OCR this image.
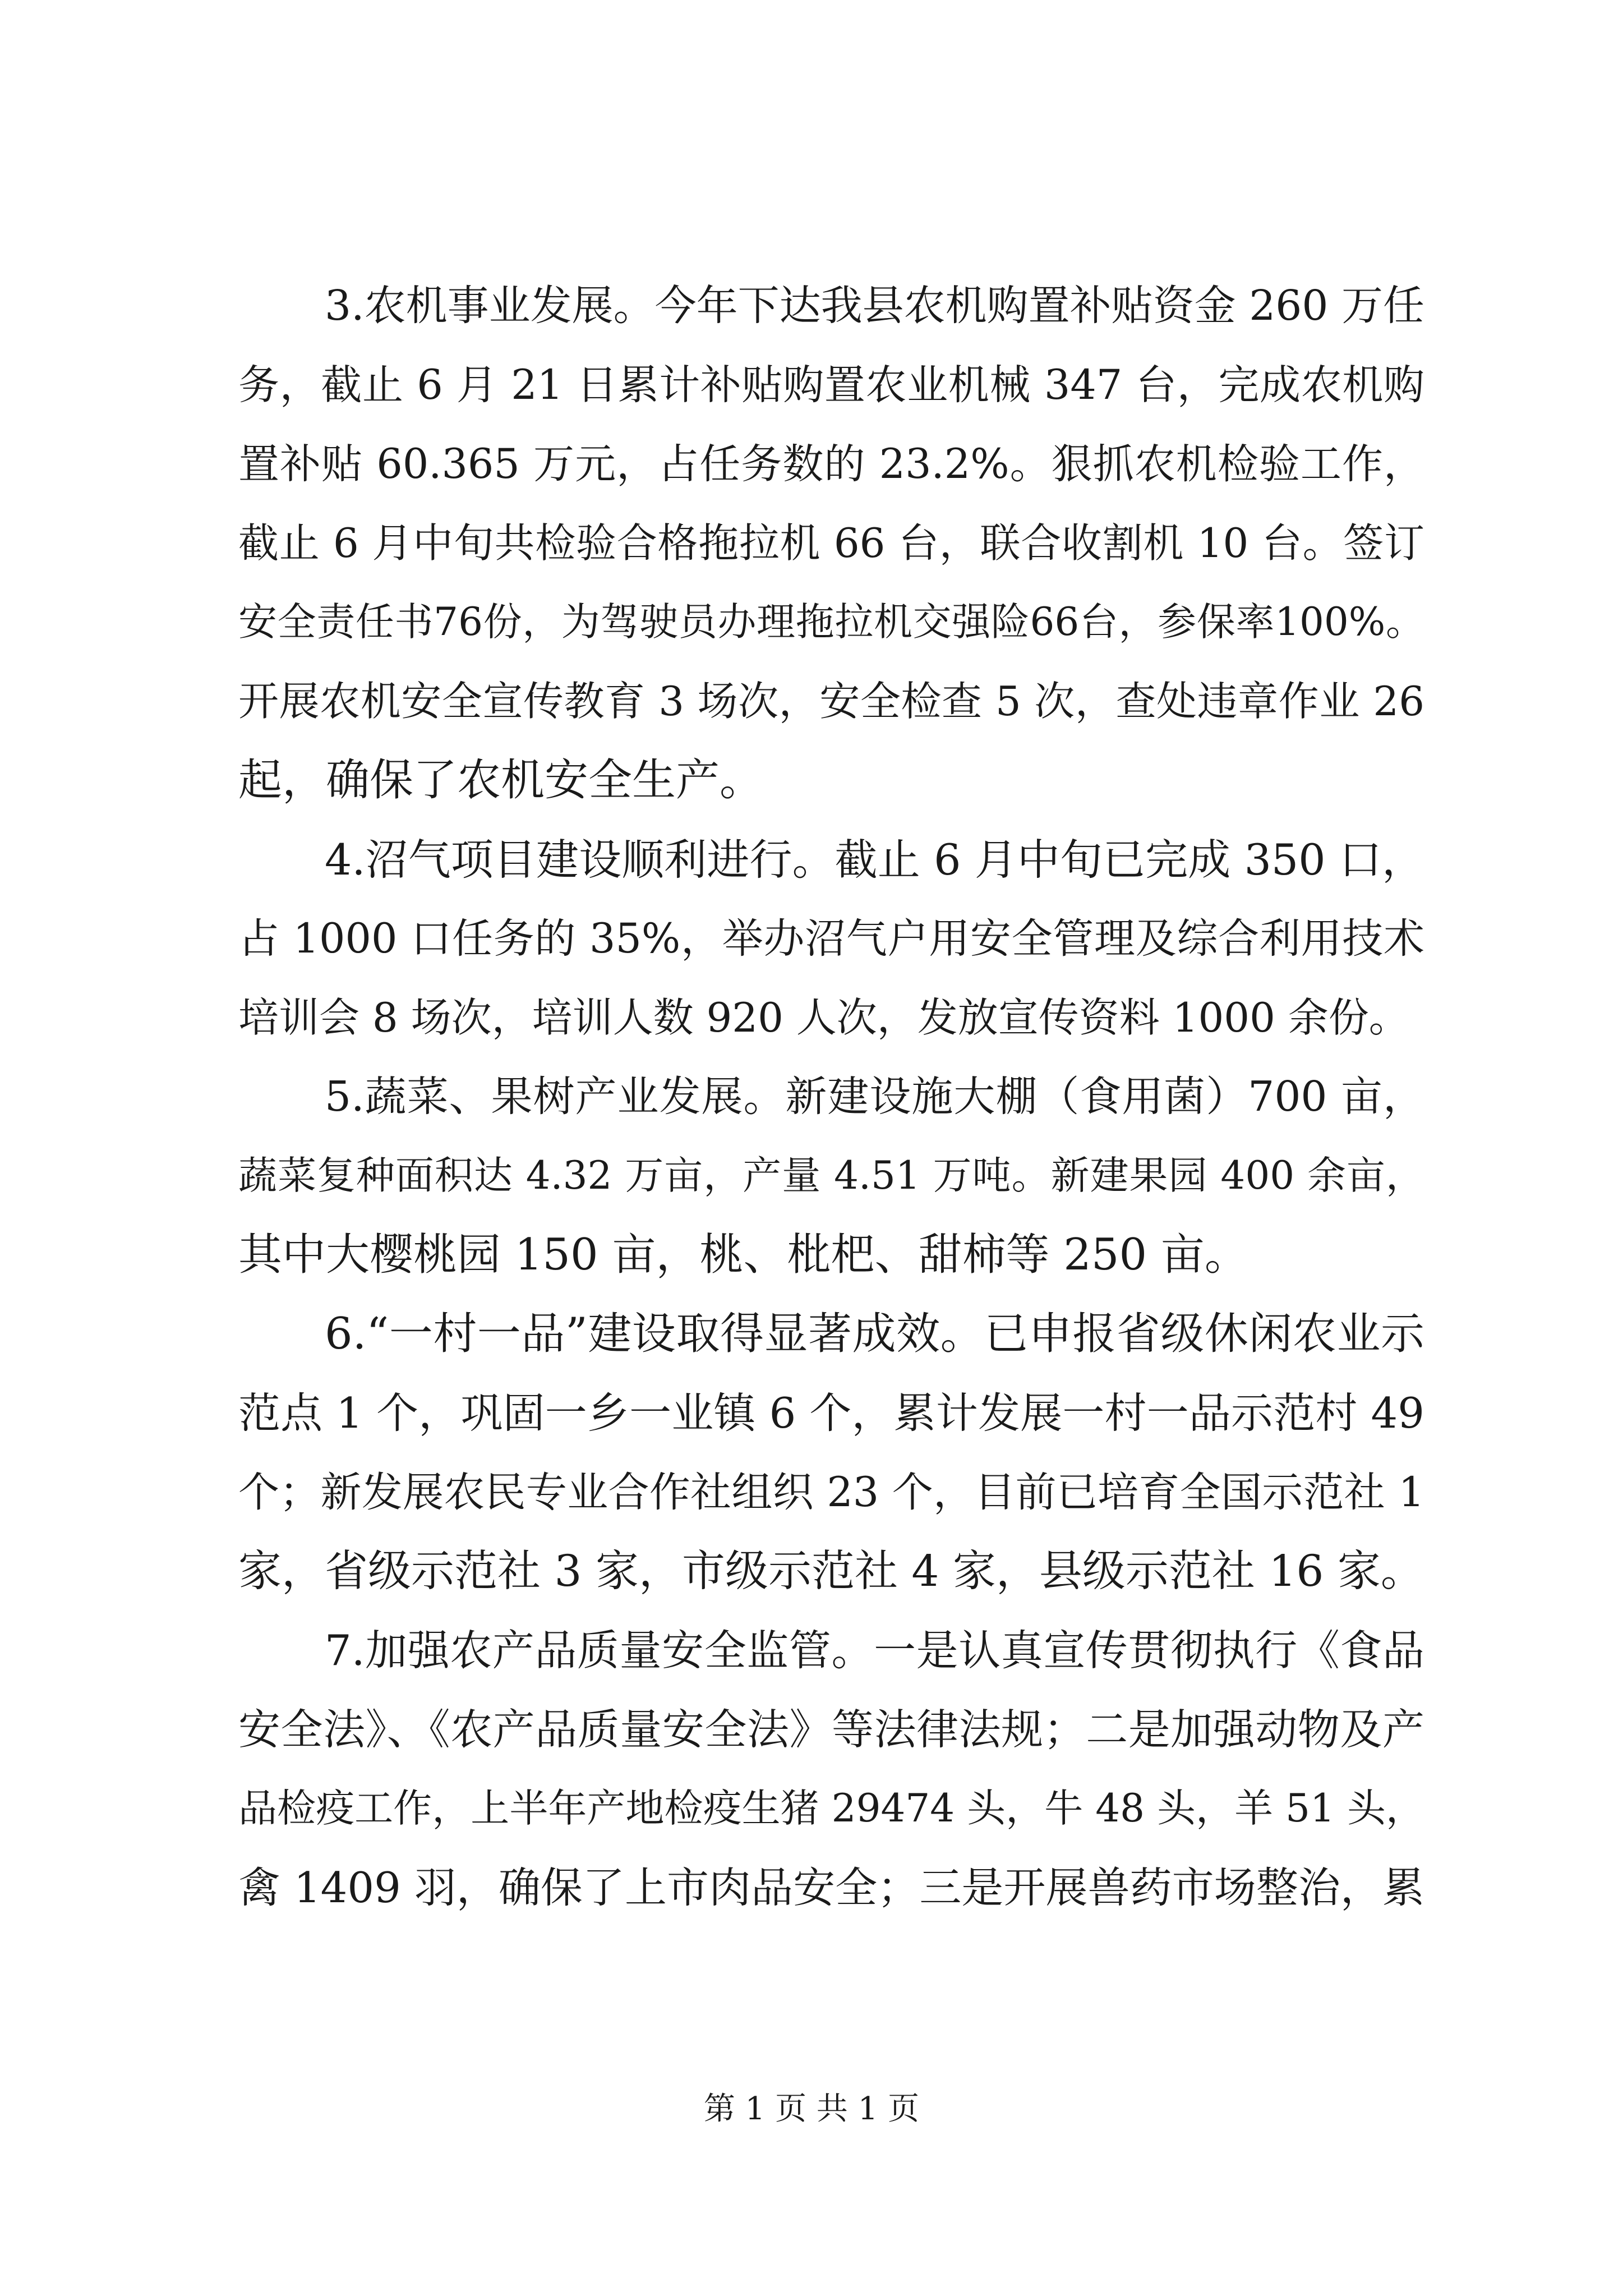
3.农机事业发展。今年下达我县农机购置补贴资金 260 万任
务，截止 6 月 21 日累计补贴购置农业机械 347 台，完成农机购
置补贴 60.365 万元，占任务数的 23.2%。狠抓农机检验工作，
截止 6 月中旬共检验合格拖拉机 66 台，联合收割机 10 台。签订
安全责任书76份，为驾驶员办理拖拉机交强险66台，参保率100%。
开展农机安全宣传教育 3 场次，安全检查 5 次，查处违章作业 26
起，确保了农机安全生产。
4.沼气项目建设顺利进行。截止 6 月中旬已完成 350 口，
占 1000 口任务的 35%，举办沼气户用安全管理及综合利用技术
培训会 8 场次，培训人数 920 人次，发放宣传资料 1000 余份。
5.蔬菜、果树产业发展。新建设施大棚（食用菌）700 亩，
蔬菜复种面积达 4.32 万亩，产量 4.51 万吨。新建果园 400 余亩，
其中大樱桃园 150 亩，桃、枇杷、甜柿等 250 亩。
6.“一村一品”建设取得显著成效。已申报省级休闲农业示
范点 1 个，巩固一乡一业镇 6 个，累计发展一村一品示范村 49
个；新发展农民专业合作社组织 23 个，目前已培育全国示范社 1
家，省级示范社 3 家，市级示范社 4 家，县级示范社 16 家。
7.加强农产品质量安全监管。一是认真宣传贯彻执行《食品
安全法》、《农产品质量安全法》等法律法规；二是加强动物及产
品检疫工作，上半年产地检疫生猪 29474 头，牛 48 头，羊 51 头，
禽 1409 羽，确保了上市肉品安全；三是开展兽药市场整治，累
第 1 页 共 1 页
